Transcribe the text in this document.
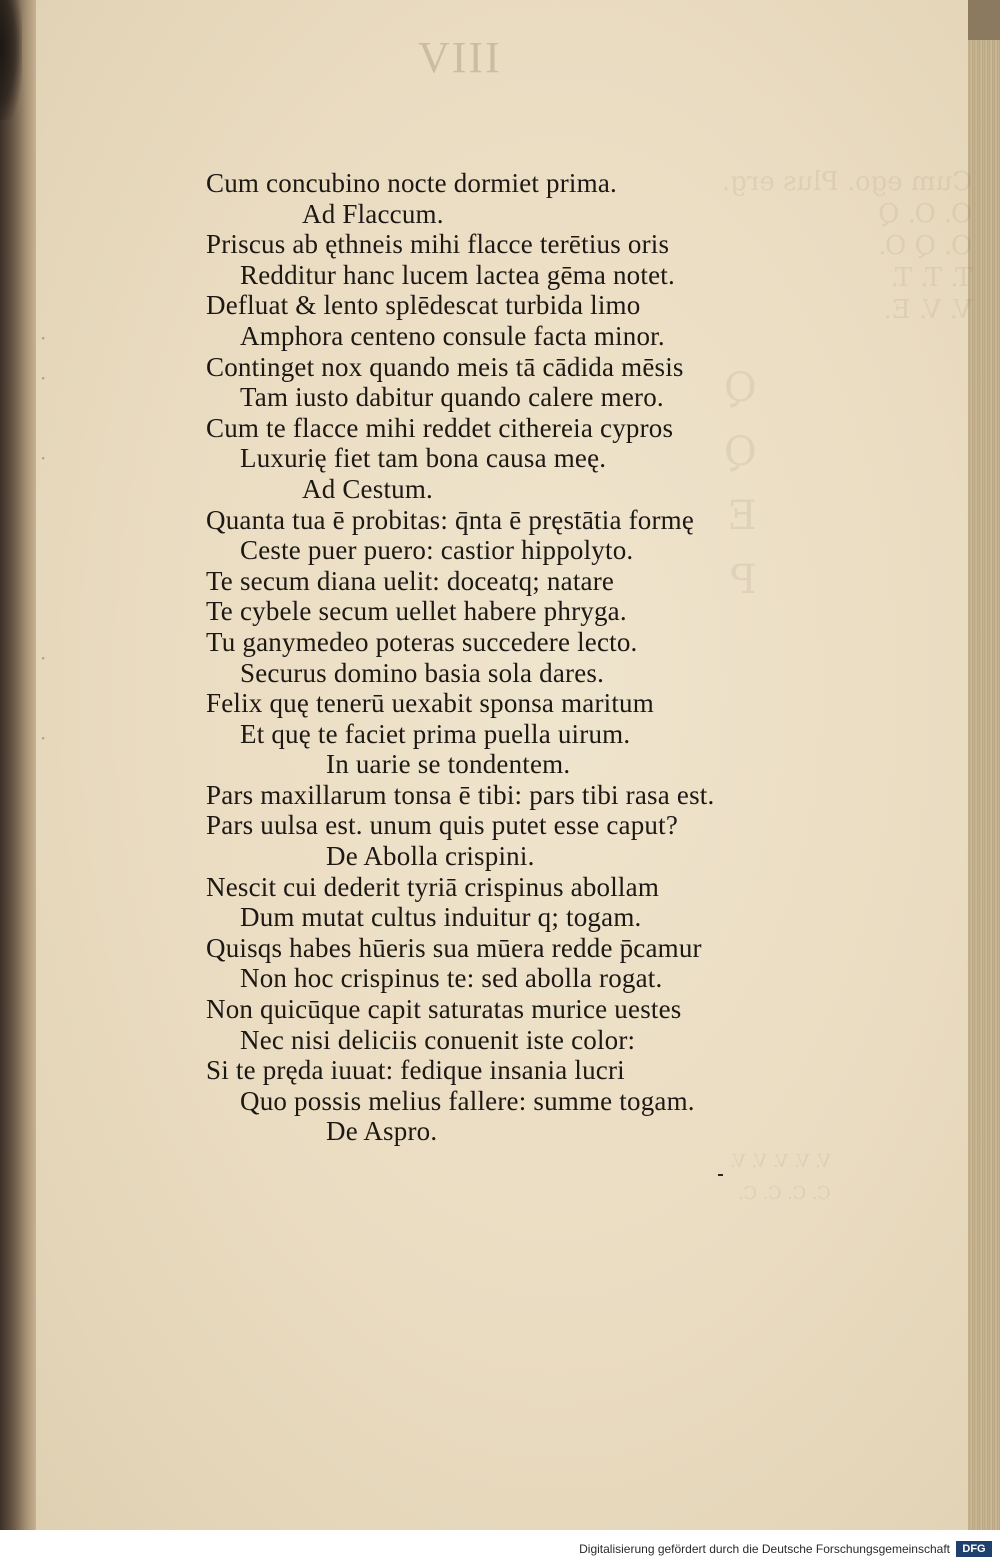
Cum ego. Plus erg.
O. O. Q
O. Q O.
T. T. T.
V. V. E.
Q

Q

E

P
V. V. V. V. V.
C. C. C. C.
·
·

·

·

·
VIII
Cum concubino nocte dormiet prima.
Ad Flaccum.
Priscus ab ęthneis mihi flacce terētius oris
Redditur hanc lucem lactea gēma notet.
Defluat & lento splēdescat turbida limo
Amphora centeno consule facta minor.
Continget nox quando meis tā cādida mēsis
Tam iusto dabitur quando calere mero.
Cum te flacce mihi reddet cithereia cypros
Luxurię fiet tam bona causa meę.
Ad Cestum.
Quanta tua ē probitas: q̄nta ē pręstātia formę
Ceste puer puero: castior hippolyto.
Te secum diana uelit: doceatq; natare
Te cybele secum uellet habere phryga.
Tu ganymedeo poteras succedere lecto.
Securus domino basia sola dares.
Felix quę tenerū uexabit sponsa maritum
Et quę te faciet prima puella uirum.
In uarie se tondentem.
Pars maxillarum tonsa ē tibi: pars tibi rasa est.
Pars uulsa est. unum quis putet esse caput?
De Abolla crispini.
Nescit cui dederit tyriā crispinus abollam
Dum mutat cultus induitur q; togam.
Quisqs habes hūeris sua mūera redde p̄camur
Non hoc crispinus te: sed abolla rogat.
Non quicūque capit saturatas murice uestes
Nec nisi deliciis conuenit iste color:
Si te pręda iuuat: fedique insania lucri
Quo possis melius fallere: summe togam.
De Aspro.
Digitalisierung gefördert durch die Deutsche Forschungsgemeinschaft	DFG
